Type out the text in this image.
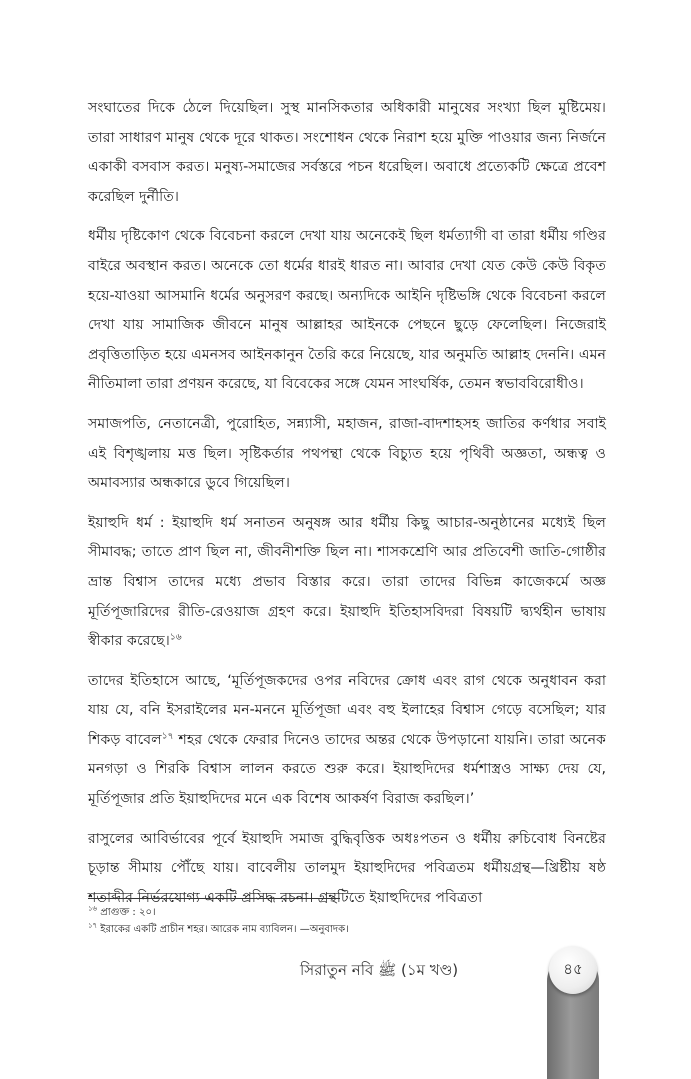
সংঘাতের দিকে ঠেলে দিয়েছিল। সুস্থ মানসিকতার অধিকারী মানুষের সংখ্যা ছিল মুষ্টিমেয়। তারা সাধারণ মানুষ থেকে দূরে থাকত। সংশোধন থেকে নিরাশ হয়ে মুক্তি পাওয়ার জন্য নির্জনে একাকী বসবাস করত। মনুষ্য-সমাজের সর্বস্তরে পচন ধরেছিল। অবাধে প্রত্যেকটি ক্ষেত্রে প্রবেশ করেছিল দুর্নীতি।

ধর্মীয় দৃষ্টিকোণ থেকে বিবেচনা করলে দেখা যায় অনেকেই ছিল ধর্মত্যাগী বা তারা ধর্মীয় গণ্ডির বাইরে অবস্থান করত। অনেকে তো ধর্মের ধারই ধারত না। আবার দেখা যেত কেউ কেউ বিকৃত হয়ে-যাওয়া আসমানি ধর্মের অনুসরণ করছে। অন্যদিকে আইনি দৃষ্টিভঙ্গি থেকে বিবেচনা করলে দেখা যায় সামাজিক জীবনে মানুষ আল্লাহর আইনকে পেছনে ছুড়ে ফেলেছিল। নিজেরাই প্রবৃত্তিতাড়িত হয়ে এমনসব আইনকানুন তৈরি করে নিয়েছে, যার অনুমতি আল্লাহ দেননি। এমন নীতিমালা তারা প্রণয়ন করেছে, যা বিবেকের সঙ্গে যেমন সাংঘর্ষিক, তেমন স্বভাববিরোধীও।

সমাজপতি, নেতানেত্রী, পুরোহিত, সন্ন্যাসী, মহাজন, রাজা-বাদশাহসহ জাতির কর্ণধার সবাই এই বিশৃঙ্খলায় মত্ত ছিল। সৃষ্টিকর্তার পথপন্থা থেকে বিচ্যুত হয়ে পৃথিবী অজ্ঞতা, অন্ধত্ব ও অমাবস্যার অন্ধকারে ডুবে গিয়েছিল।

ইয়াহুদি ধর্ম : ইয়াহুদি ধর্ম সনাতন অনুষঙ্গ আর ধর্মীয় কিছু আচার-অনুষ্ঠানের মধ্যেই ছিল সীমাবদ্ধ; তাতে প্রাণ ছিল না, জীবনীশক্তি ছিল না। শাসকশ্রেণি আর প্রতিবেশী জাতি-গোষ্ঠীর ভ্রান্ত বিশ্বাস তাদের মধ্যে প্রভাব বিস্তার করে। তারা তাদের বিভিন্ন কাজেকর্মে অজ্ঞ মূর্তিপূজারিদের রীতি-রেওয়াজ গ্রহণ করে। ইয়াহুদি ইতিহাসবিদরা বিষয়টি দ্ব্যর্থহীন ভাষায় স্বীকার করেছে।$^{১৬}$

তাদের ইতিহাসে আছে, ‘মূর্তিপূজকদের ওপর নবিদের ক্রোধ এবং রাগ থেকে অনুধাবন করা যায় যে, বনি ইসরাইলের মন-মননে মূর্তিপূজা এবং বহু ইলাহের বিশ্বাস গেড়ে বসেছিল; যার শিকড় বাবেল$^{১৭}$ শহর থেকে ফেরার দিনেও তাদের অন্তর থেকে উপড়ানো যায়নি। তারা অনেক মনগড়া ও শিরকি বিশ্বাস লালন করতে শুরু করে। ইয়াহুদিদের ধর্মশাস্ত্রও সাক্ষ্য দেয় যে, মূর্তিপূজার প্রতি ইয়াহুদিদের মনে এক বিশেষ আকর্ষণ বিরাজ করছিল।’

রাসুলের আবির্ভাবের পূর্বে ইয়াহুদি সমাজ বুদ্ধিবৃত্তিক অধঃপতন ও ধর্মীয় রুচিবোধ বিনষ্টের চূড়ান্ত সীমায় পৌঁছে যায়। বাবেলীয় তালমুদ ইয়াহুদিদের পবিত্রতম ধর্মীয়গ্রন্থ—খ্রিষ্টীয় ষষ্ঠ শতাব্দীর নির্ভরযোগ্য একটি প্রসিদ্ধ রচনা। গ্রন্থটিতে ইয়াহুদিদের পবিত্রতা

$^{১৬}$ প্রাগুক্ত : ২০।

$^{১৭}$ ইরাকের একটি প্রাচীন শহর। আরেক নাম ব্যাবিলন। —অনুবাদক।

সিরাতুন নবি ﷺ (১ম খণ্ড)	৪৫
